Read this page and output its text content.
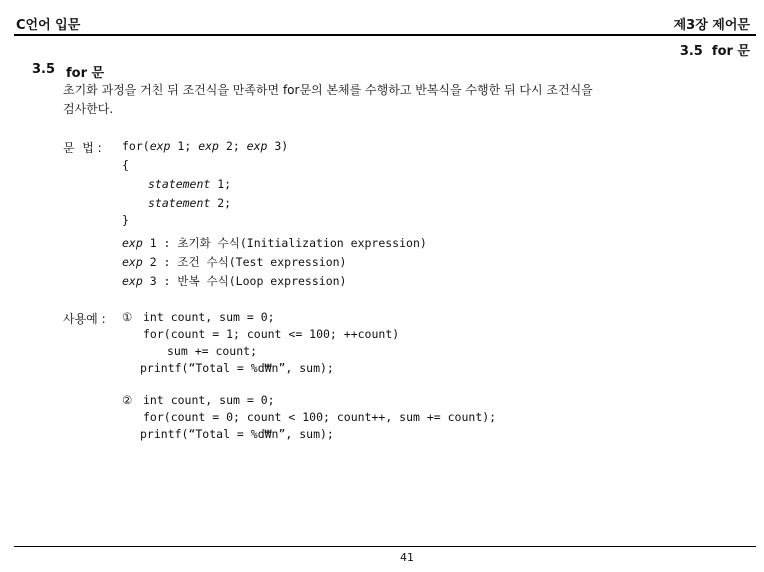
C언어 입문	제3장 제어문
3.5  for 문
3.5 for 문
초기화 과정을 거친 뒤 조건식을 만족하면 for문의 본체를 수행하고 반복식을 수행한 뒤 다시 조건식을
검사한다.
문  법 : for(exp 1; exp 2; exp 3)
{
statement 1;
statement 2;
}
exp 1 : 초기화 수식(Initialization expression)
exp 2 : 조건 수식(Test expression)
exp 3 : 반복 수식(Loop expression)
사용예 : ① int count, sum = 0;
for(count = 1; count <= 100; ++count)
sum += count;
printf(“Total = %d₩n”, sum);
② int count, sum = 0;
for(count = 0; count < 100; count++, sum += count);
printf(“Total = %d₩n”, sum);
41
